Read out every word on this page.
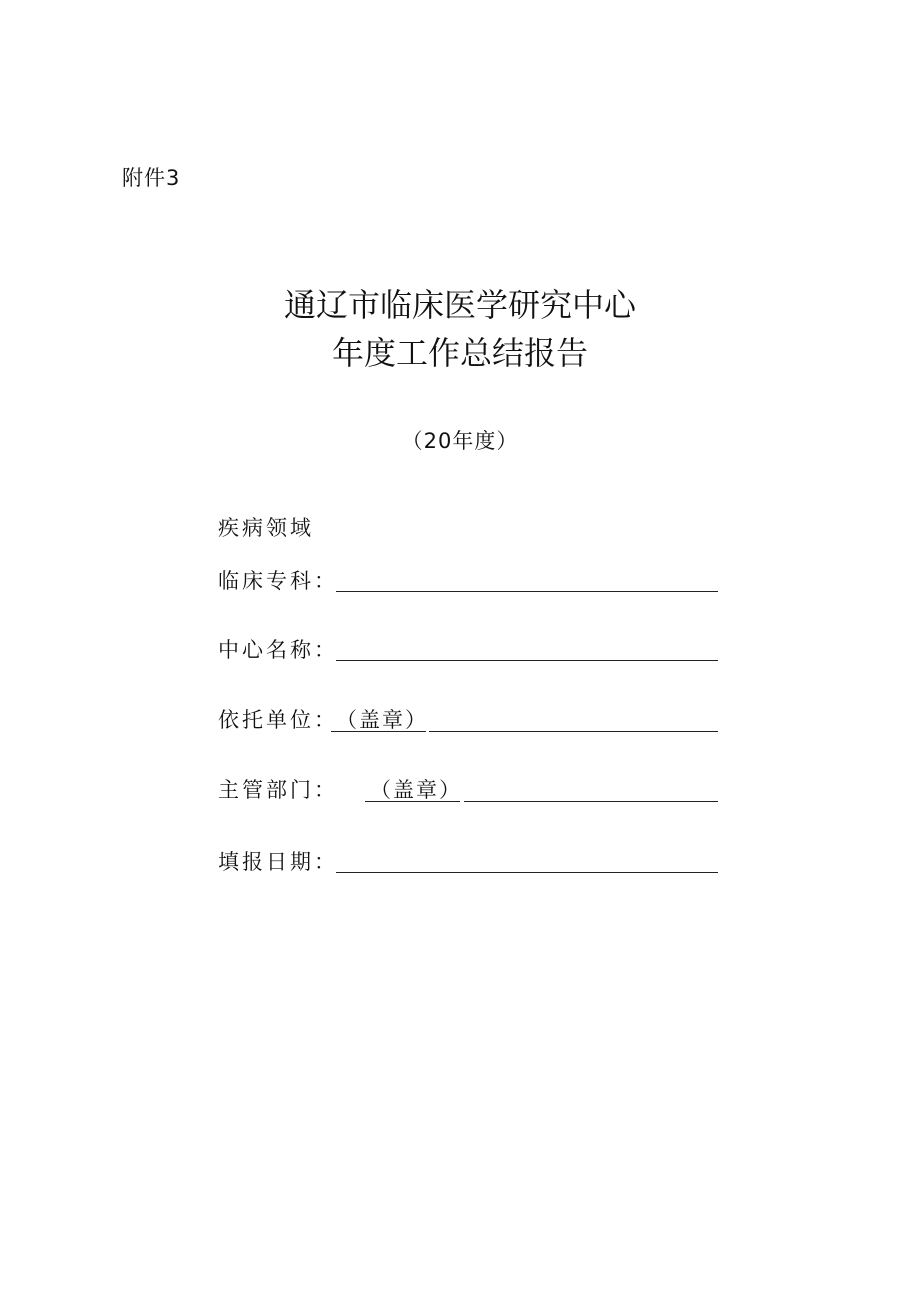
附件3
通辽市临床医学研究中心
年度工作总结报告
（20年度）
疾病领域
临床专科：
中心名称：
依托单位：
（盖章）
主管部门： （盖章）
填报日期：
